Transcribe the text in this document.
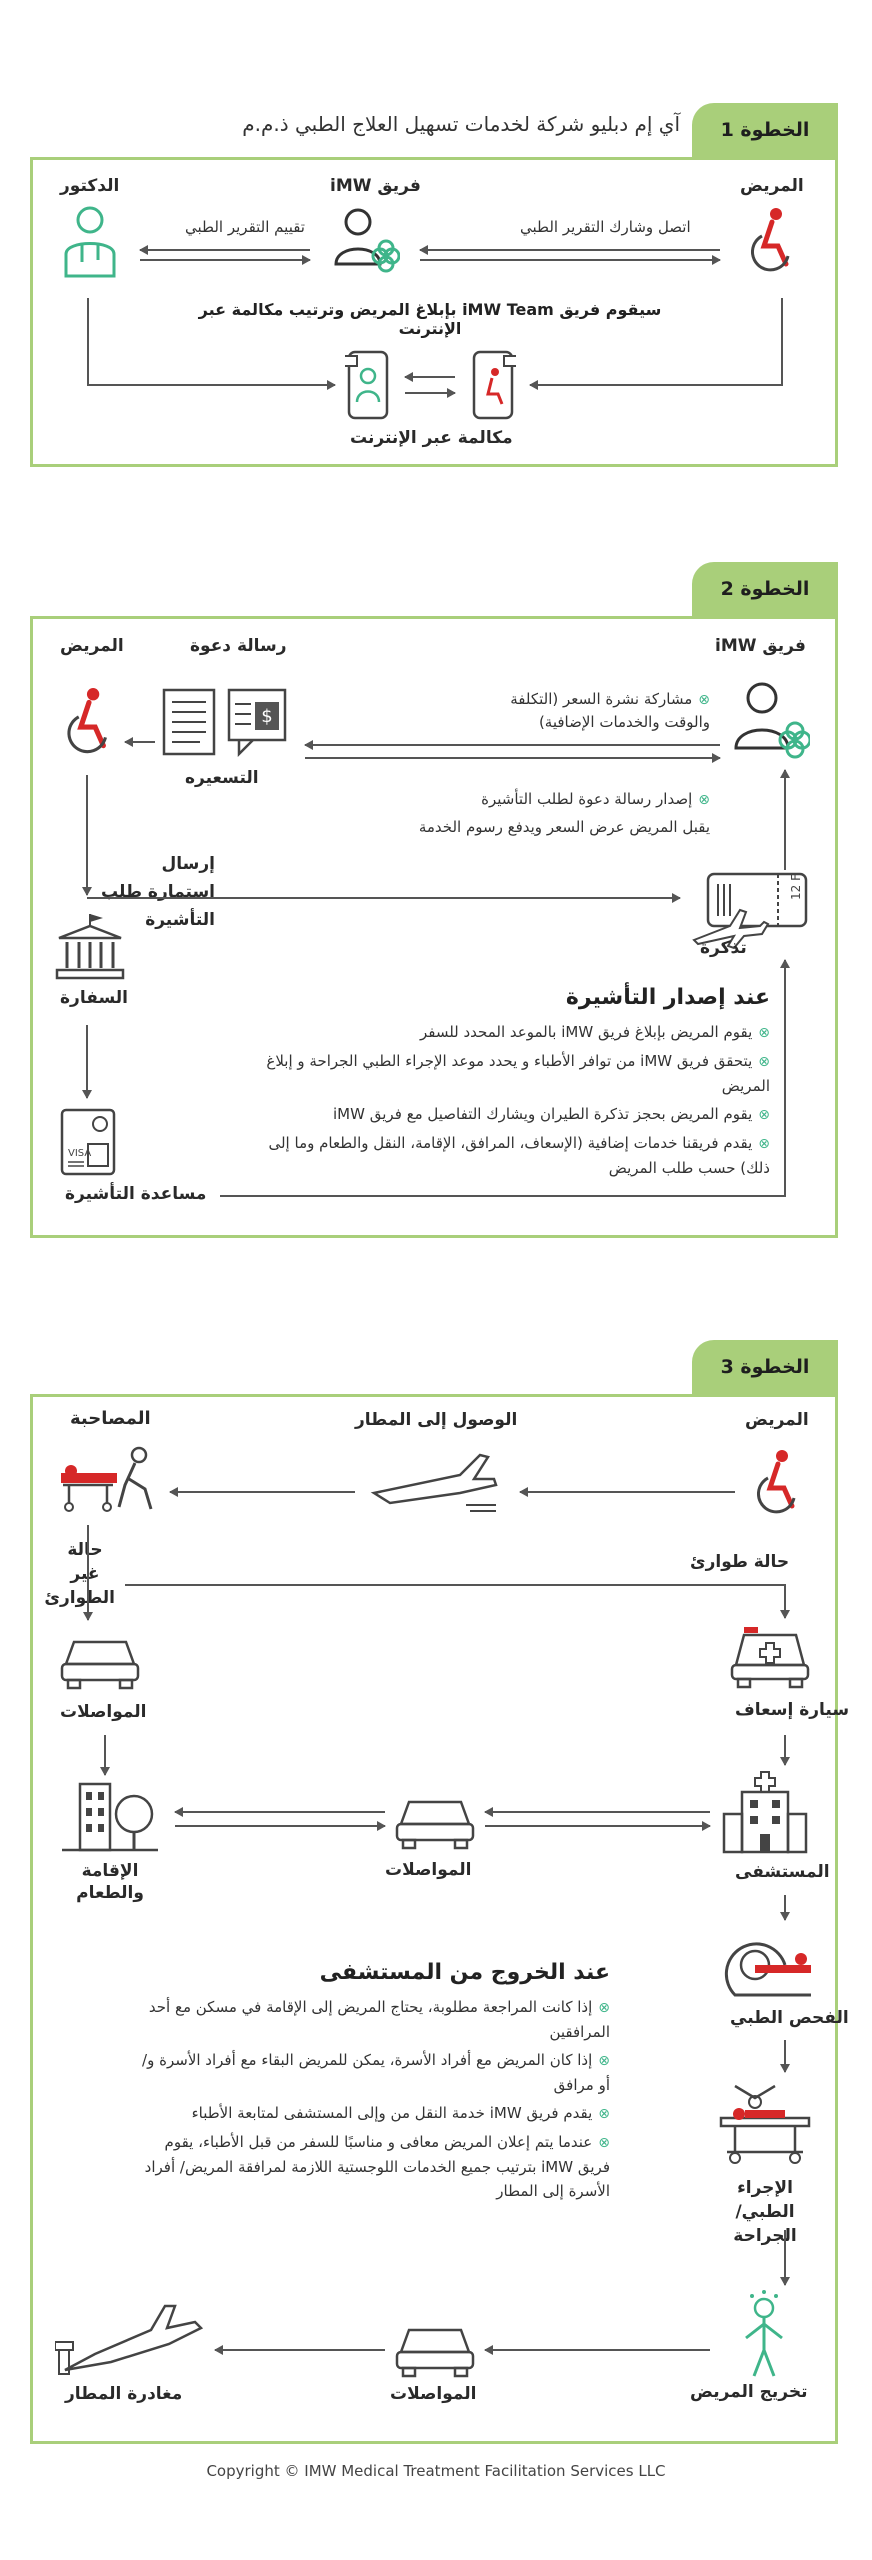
الخطوة 1
آي إم دبليو شركة لخدمات تسهيل العلاج الطبي ذ.م.م
المريض
فريق iMW
الدكتور
اتصل وشارك التقرير الطبي
تقييم التقرير الطبي
سيقوم فريق iMW Team بإبلاغ المريض وترتيب مكالمة عبر الإنترنت
مكالمة عبر الإنترنت
الخطوة 2
فريق iMW
رسالة دعوة
المريض
$
التسعيره
⊗مشاركة نشرة السعر (التكلفة والوقت والخدمات الإضافية)
⊗إصدار رسالة دعوة لطلب التأشيرة
يقبل المريض عرض السعر ويدفع رسوم الخدمة
إرسال استمارة طلب التأشيرة
12 F
تذكرة
السفارة	عند إصدار التأشيرة
⊗يقوم المريض بإبلاغ فريق iMW بالموعد المحدد للسفر
⊗يتحقق فريق iMW من توافر الأطباء و يحدد موعد الإجراء الطبي الجراحة و إبلاغ المريض
⊗يقوم المريض بحجز تذكرة الطيران ويشارك التفاصيل مع فريق iMW
⊗يقدم فريقنا خدمات إضافية (الإسعاف، المرافق، الإقامة، النقل والطعام وما إلى ذلك) حسب طلب المريض
VISA
مساعدة التأشيرة
الخطوة 3
المريض
الوصول إلى المطار
المصاحبة
حالة طوارئ
حالة غير الطوارئ
المواصلات	سيارة إسعاف
الإقامة والطعام
المواصلات	المستشفى
الفحص الطبي
الإجراء الطبي/ الجراحة
عند الخروج من المستشفى
⊗إذا كانت المراجعة مطلوبة، يحتاج المريض إلى الإقامة في مسكن مع أحد المرافقين
⊗إذا كان المريض مع أفراد الأسرة، يمكن للمريض البقاء مع أفراد الأسرة و/ أو مرافق
⊗يقدم فريق iMW خدمة النقل من وإلى المستشفى لمتابعة الأطباء
⊗عندما يتم إعلان المريض معافى و مناسبًا للسفر من قبل الأطباء، يقوم فريق iMW بترتيب جميع الخدمات اللوجستية اللازمة لمرافقة المريض/ أفراد الأسرة إلى المطار
تخريج المريض
المواصلات
مغادرة المطار
Copyright © IMW Medical Treatment Facilitation Services LLC
